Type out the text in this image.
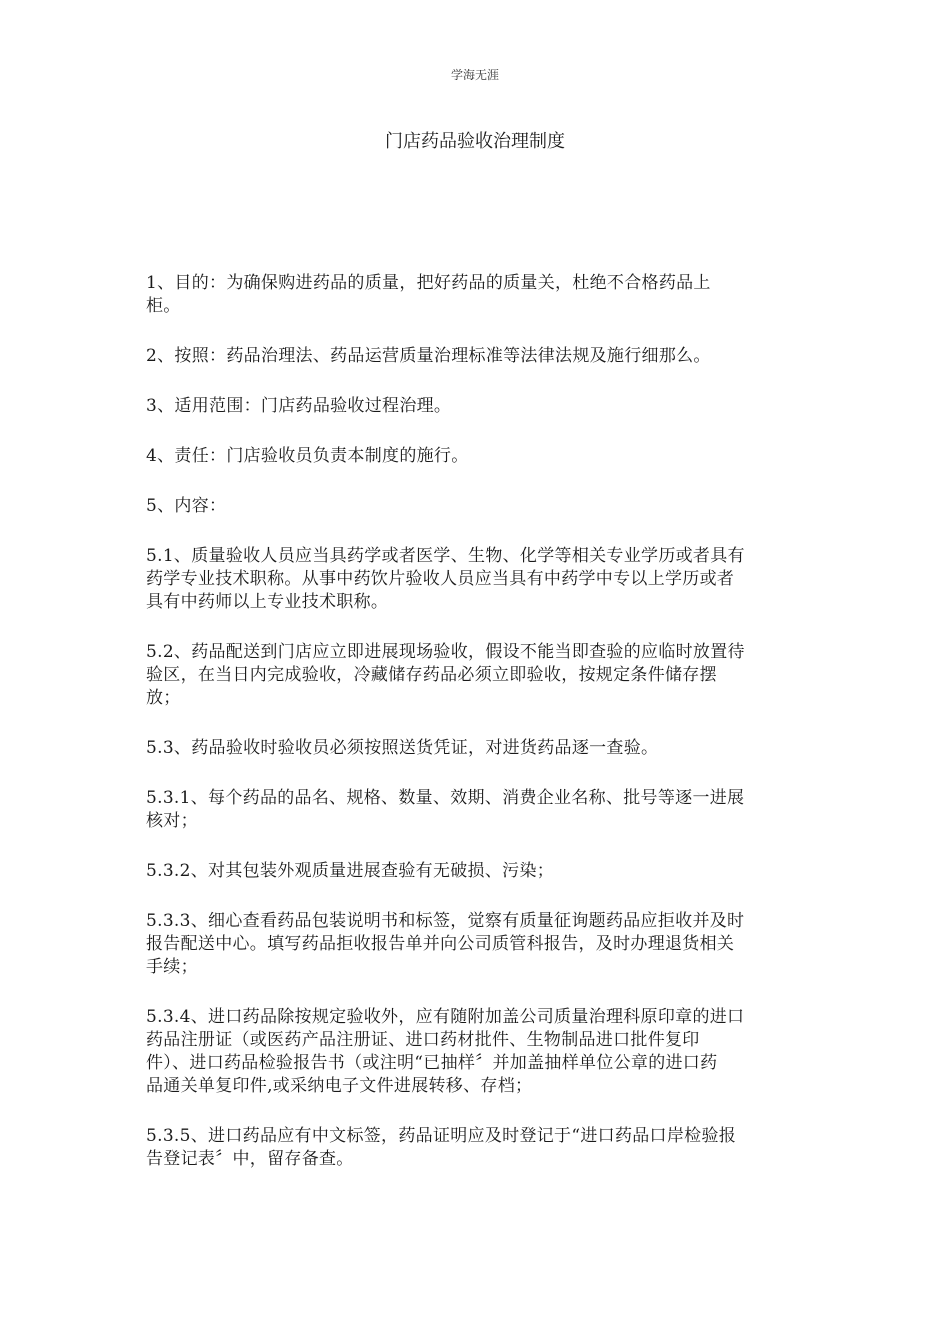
学海无涯
门店药品验收治理制度

1、目的：为确保购进药品的质量，把好药品的质量关，杜绝不合格药品上
柜。

2、按照：药品治理法、药品运营质量治理标准等法律法规及施行细那么。

3、适用范围：门店药品验收过程治理。

4、责任：门店验收员负责本制度的施行。

5、内容：

5.1、质量验收人员应当具药学或者医学、生物、化学等相关专业学历或者具有
药学专业技术职称。从事中药饮片验收人员应当具有中药学中专以上学历或者
具有中药师以上专业技术职称。

5.2、药品配送到门店应立即进展现场验收，假设不能当即查验的应临时放置待
验区，在当日内完成验收，冷藏储存药品必须立即验收，按规定条件储存摆
放；

5.3、药品验收时验收员必须按照送货凭证，对进货药品逐一查验。

5.3.1、每个药品的品名、规格、数量、效期、消费企业名称、批号等逐一进展
核对；

5.3.2、对其包装外观质量进展查验有无破损、污染；

5.3.3、细心查看药品包装说明书和标签，觉察有质量征询题药品应拒收并及时
报告配送中心。填写药品拒收报告单并向公司质管科报告，及时办理退货相关
手续；

5.3.4、进口药品除按规定验收外，应有随附加盖公司质量治理科原印章的进口
药品注册证（或医药产品注册证、进口药材批件、生物制品进口批件复印
件）、进口药品检验报告书（或注明“已抽样〞并加盖抽样单位公章的进口药
品通关单复印件,或采纳电子文件进展转移、存档；

5.3.5、进口药品应有中文标签，药品证明应及时登记于“进口药品口岸检验报
告登记表〞中，留存备查。
